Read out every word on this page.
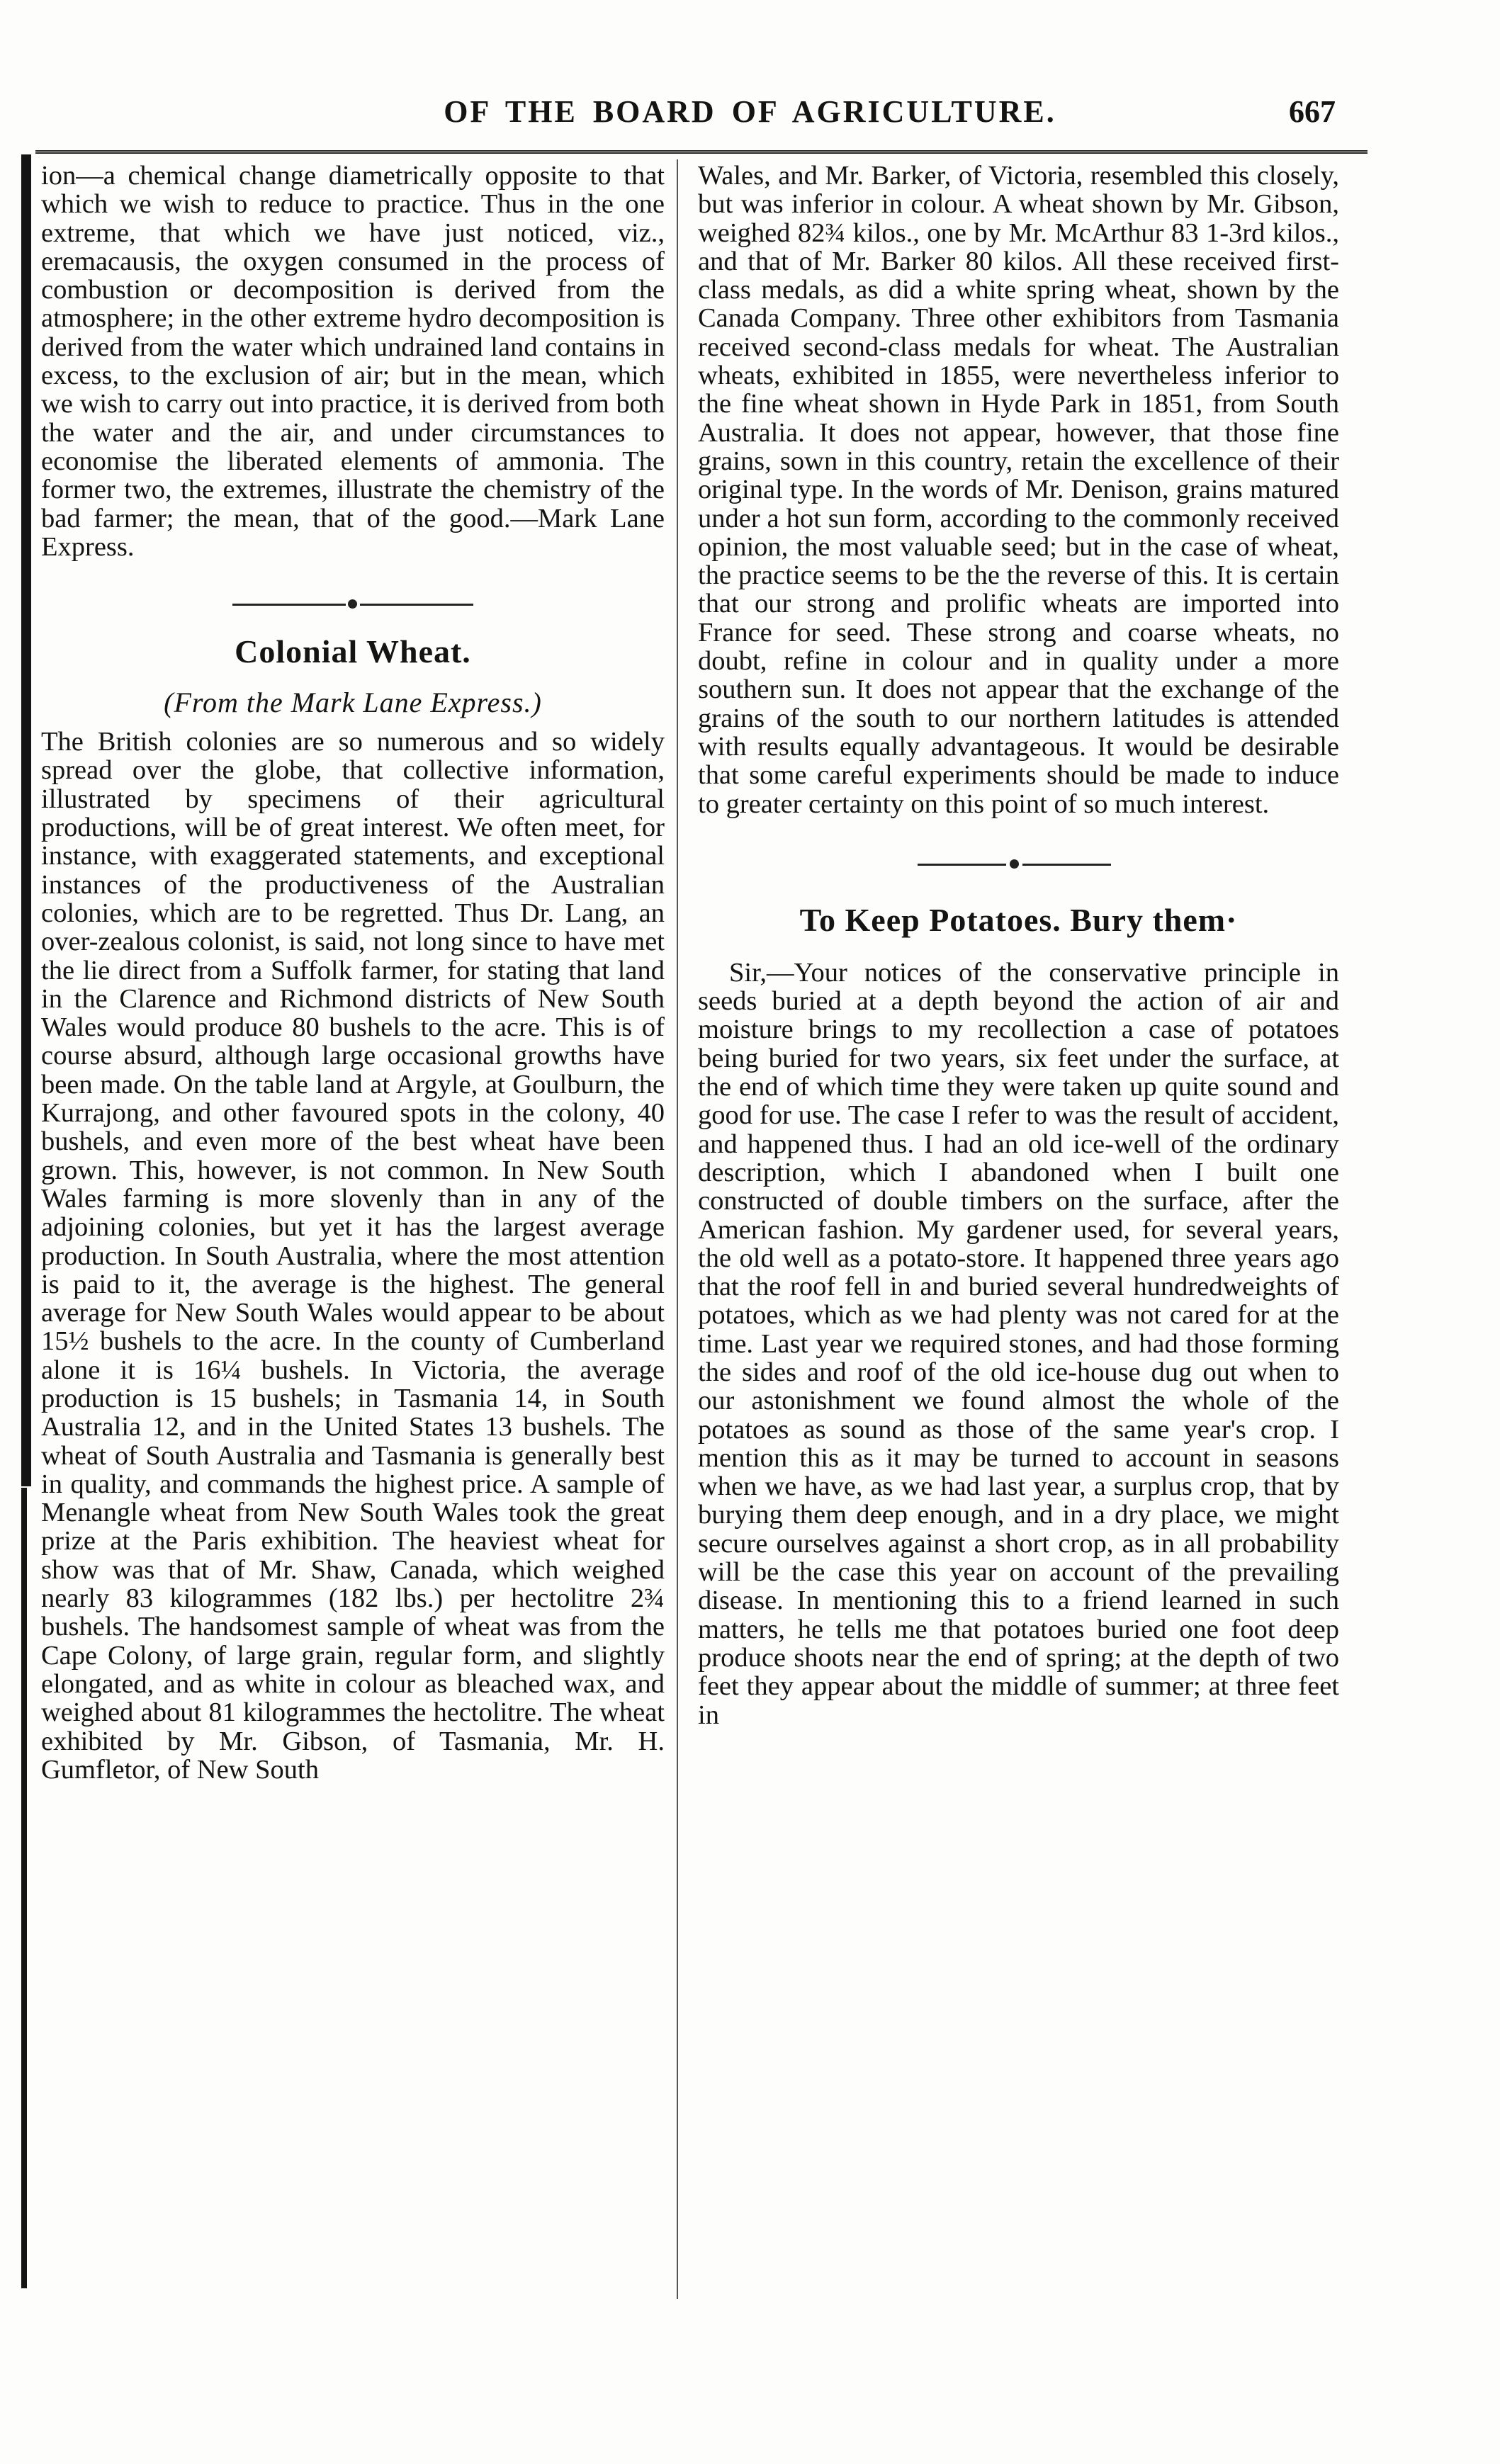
OF THE BOARD OF AGRICULTURE.	667

ion—a chemical change diametrically opposite to that which we wish to reduce to practice. Thus in the one extreme, that which we have just noticed, viz., eremacausis, the oxygen consumed in the process of combustion or decomposition is derived from the atmosphere; in the other extreme hydro decomposition is derived from the water which undrained land contains in excess, to the exclusion of air; but in the mean, which we wish to carry out into practice, it is derived from both the water and the air, and under circumstances to economise the liberated elements of ammonia. The former two, the extremes, illustrate the chemistry of the bad farmer; the mean, that of the good.—Mark Lane Express.

Colonial Wheat.
(From the Mark Lane Express.)

The British colonies are so numerous and so widely spread over the globe, that collective information, illustrated by specimens of their agricultural productions, will be of great interest. We often meet, for instance, with exaggerated statements, and exceptional instances of the productiveness of the Australian colonies, which are to be regretted. Thus Dr. Lang, an over-zealous colonist, is said, not long since to have met the lie direct from a Suffolk farmer, for stating that land in the Clarence and Richmond districts of New South Wales would produce 80 bushels to the acre. This is of course absurd, although large occasional growths have been made. On the table land at Argyle, at Goulburn, the Kurrajong, and other favoured spots in the colony, 40 bushels, and even more of the best wheat have been grown. This, however, is not common. In New South Wales farming is more slovenly than in any of the adjoining colonies, but yet it has the largest average production. In South Australia, where the most attention is paid to it, the average is the highest. The general average for New South Wales would appear to be about 15½ bushels to the acre. In the county of Cumberland alone it is 16¼ bushels. In Victoria, the average production is 15 bushels; in Tasmania 14, in South Australia 12, and in the United States 13 bushels. The wheat of South Australia and Tasmania is generally best in quality, and commands the highest price. A sample of Menangle wheat from New South Wales took the great prize at the Paris exhibition. The heaviest wheat for show was that of Mr. Shaw, Canada, which weighed nearly 83 kilogrammes (182 lbs.) per hectolitre 2¾ bushels. The handsomest sample of wheat was from the Cape Colony, of large grain, regular form, and slightly elongated, and as white in colour as bleached wax, and weighed about 81 kilogrammes the hectolitre. The wheat exhibited by Mr. Gibson, of Tasmania, Mr. H. Gumfletor, of New South

Wales, and Mr. Barker, of Victoria, resembled this closely, but was inferior in colour. A wheat shown by Mr. Gibson, weighed 82¾ kilos., one by Mr. McArthur 83 1-3rd kilos., and that of Mr. Barker 80 kilos. All these received first-class medals, as did a white spring wheat, shown by the Canada Company. Three other exhibitors from Tasmania received second-class medals for wheat. The Australian wheats, exhibited in 1855, were nevertheless inferior to the fine wheat shown in Hyde Park in 1851, from South Australia. It does not appear, however, that those fine grains, sown in this country, retain the excellence of their original type. In the words of Mr. Denison, grains matured under a hot sun form, according to the commonly received opinion, the most valuable seed; but in the case of wheat, the practice seems to be the the reverse of this. It is certain that our strong and prolific wheats are imported into France for seed. These strong and coarse wheats, no doubt, refine in colour and in quality under a more southern sun. It does not appear that the exchange of the grains of the south to our northern latitudes is attended with results equally advantageous. It would be desirable that some careful experiments should be made to induce to greater certainty on this point of so much interest.

To Keep Potatoes. Bury them·

Sir,—Your notices of the conservative principle in seeds buried at a depth beyond the action of air and moisture brings to my recollection a case of potatoes being buried for two years, six feet under the surface, at the end of which time they were taken up quite sound and good for use. The case I refer to was the result of accident, and happened thus. I had an old ice-well of the ordinary description, which I abandoned when I built one constructed of double timbers on the surface, after the American fashion. My gardener used, for several years, the old well as a potato-store. It happened three years ago that the roof fell in and buried several hundredweights of potatoes, which as we had plenty was not cared for at the time. Last year we required stones, and had those forming the sides and roof of the old ice-house dug out when to our astonishment we found almost the whole of the potatoes as sound as those of the same year's crop. I mention this as it may be turned to account in seasons when we have, as we had last year, a surplus crop, that by burying them deep enough, and in a dry place, we might secure ourselves against a short crop, as in all probability will be the case this year on account of the prevailing disease. In mentioning this to a friend learned in such matters, he tells me that potatoes buried one foot deep produce shoots near the end of spring; at the depth of two feet they appear about the middle of summer; at three feet in
